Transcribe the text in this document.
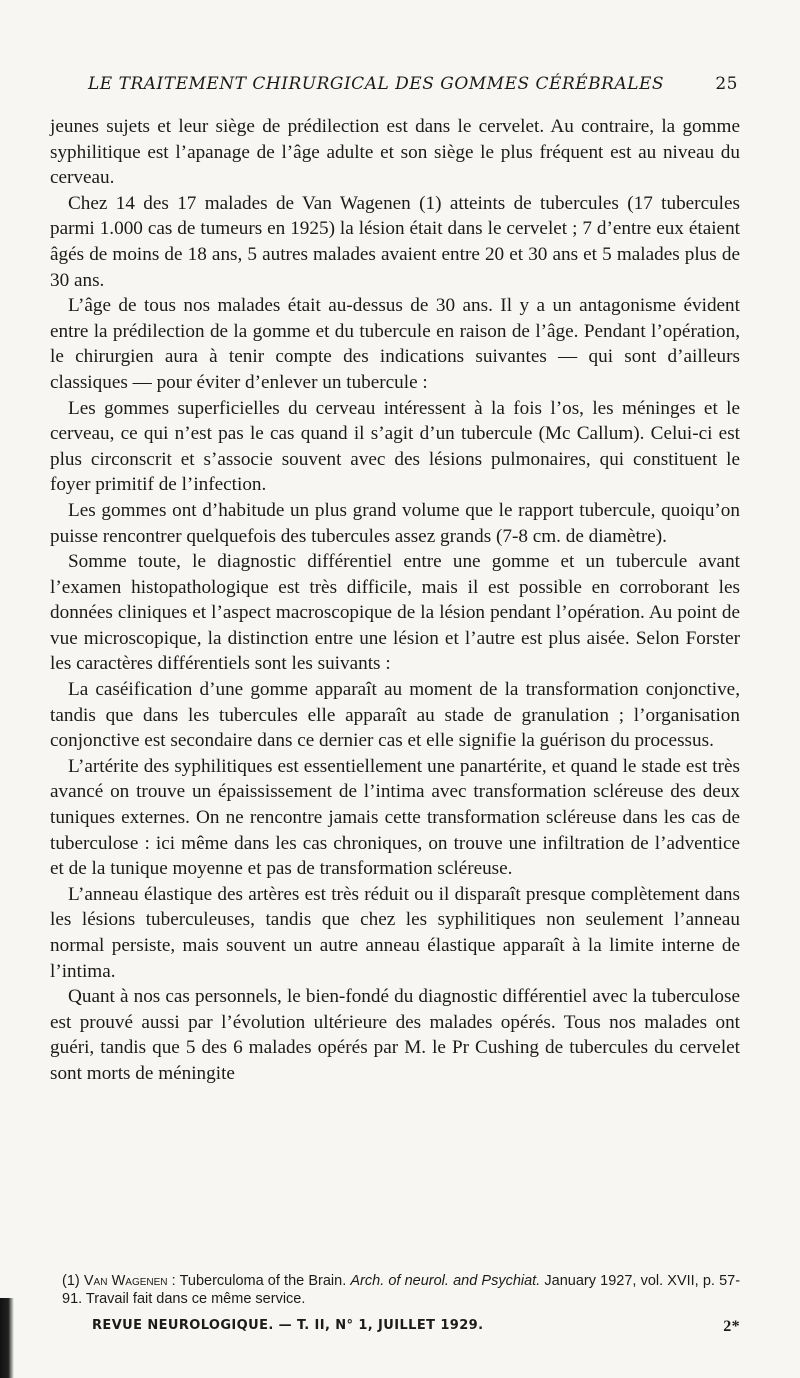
LE TRAITEMENT CHIRURGICAL DES GOMMES CÉRÉBRALES	25

jeunes sujets et leur siège de prédilection est dans le cervelet. Au contraire, la gomme syphilitique est l’apanage de l’âge adulte et son siège le plus fréquent est au niveau du cerveau.

Chez 14 des 17 malades de Van Wagenen (1) atteints de tubercules (17 tubercules parmi 1.000 cas de tumeurs en 1925) la lésion était dans le cervelet ; 7 d’entre eux étaient âgés de moins de 18 ans, 5 autres malades avaient entre 20 et 30 ans et 5 malades plus de 30 ans.

L’âge de tous nos malades était au-dessus de 30 ans. Il y a un antagonisme évident entre la prédilection de la gomme et du tubercule en raison de l’âge. Pendant l’opération, le chirurgien aura à tenir compte des indications suivantes — qui sont d’ailleurs classiques — pour éviter d’enlever un tubercule :

Les gommes superficielles du cerveau intéressent à la fois l’os, les méninges et le cerveau, ce qui n’est pas le cas quand il s’agit d’un tubercule (Mc Callum). Celui-ci est plus circonscrit et s’associe souvent avec des lésions pulmonaires, qui constituent le foyer primitif de l’infection.

Les gommes ont d’habitude un plus grand volume que le rapport tubercule, quoiqu’on puisse rencontrer quelquefois des tubercules assez grands (7-8 cm. de diamètre).

Somme toute, le diagnostic différentiel entre une gomme et un tubercule avant l’examen histopathologique est très difficile, mais il est possible en corroborant les données cliniques et l’aspect macroscopique de la lésion pendant l’opération. Au point de vue microscopique, la distinction entre une lésion et l’autre est plus aisée. Selon Forster les caractères différentiels sont les suivants :

La caséification d’une gomme apparaît au moment de la transformation conjonctive, tandis que dans les tubercules elle apparaît au stade de granulation ; l’organisation conjonctive est secondaire dans ce dernier cas et elle signifie la guérison du processus.

L’artérite des syphilitiques est essentiellement une panartérite, et quand le stade est très avancé on trouve un épaississement de l’intima avec transformation scléreuse des deux tuniques externes. On ne rencontre jamais cette transformation scléreuse dans les cas de tuberculose : ici même dans les cas chroniques, on trouve une infiltration de l’adventice et de la tunique moyenne et pas de transformation scléreuse.

L’anneau élastique des artères est très réduit ou il disparaît presque complètement dans les lésions tuberculeuses, tandis que chez les syphilitiques non seulement l’anneau normal persiste, mais souvent un autre anneau élastique apparaît à la limite interne de l’intima.

Quant à nos cas personnels, le bien-fondé du diagnostic différentiel avec la tuberculose est prouvé aussi par l’évolution ultérieure des malades opérés. Tous nos malades ont guéri, tandis que 5 des 6 malades opérés par M. le Pr Cushing de tubercules du cervelet sont morts de méningite

(1) Van Wagenen : Tuberculoma of the Brain. Arch. of neurol. and Psychiat. January 1927, vol. XVII, p. 57-91. Travail fait dans ce même service.
REVUE NEUROLOGIQUE. — T. II, N° 1, JUILLET 1929.	2*
